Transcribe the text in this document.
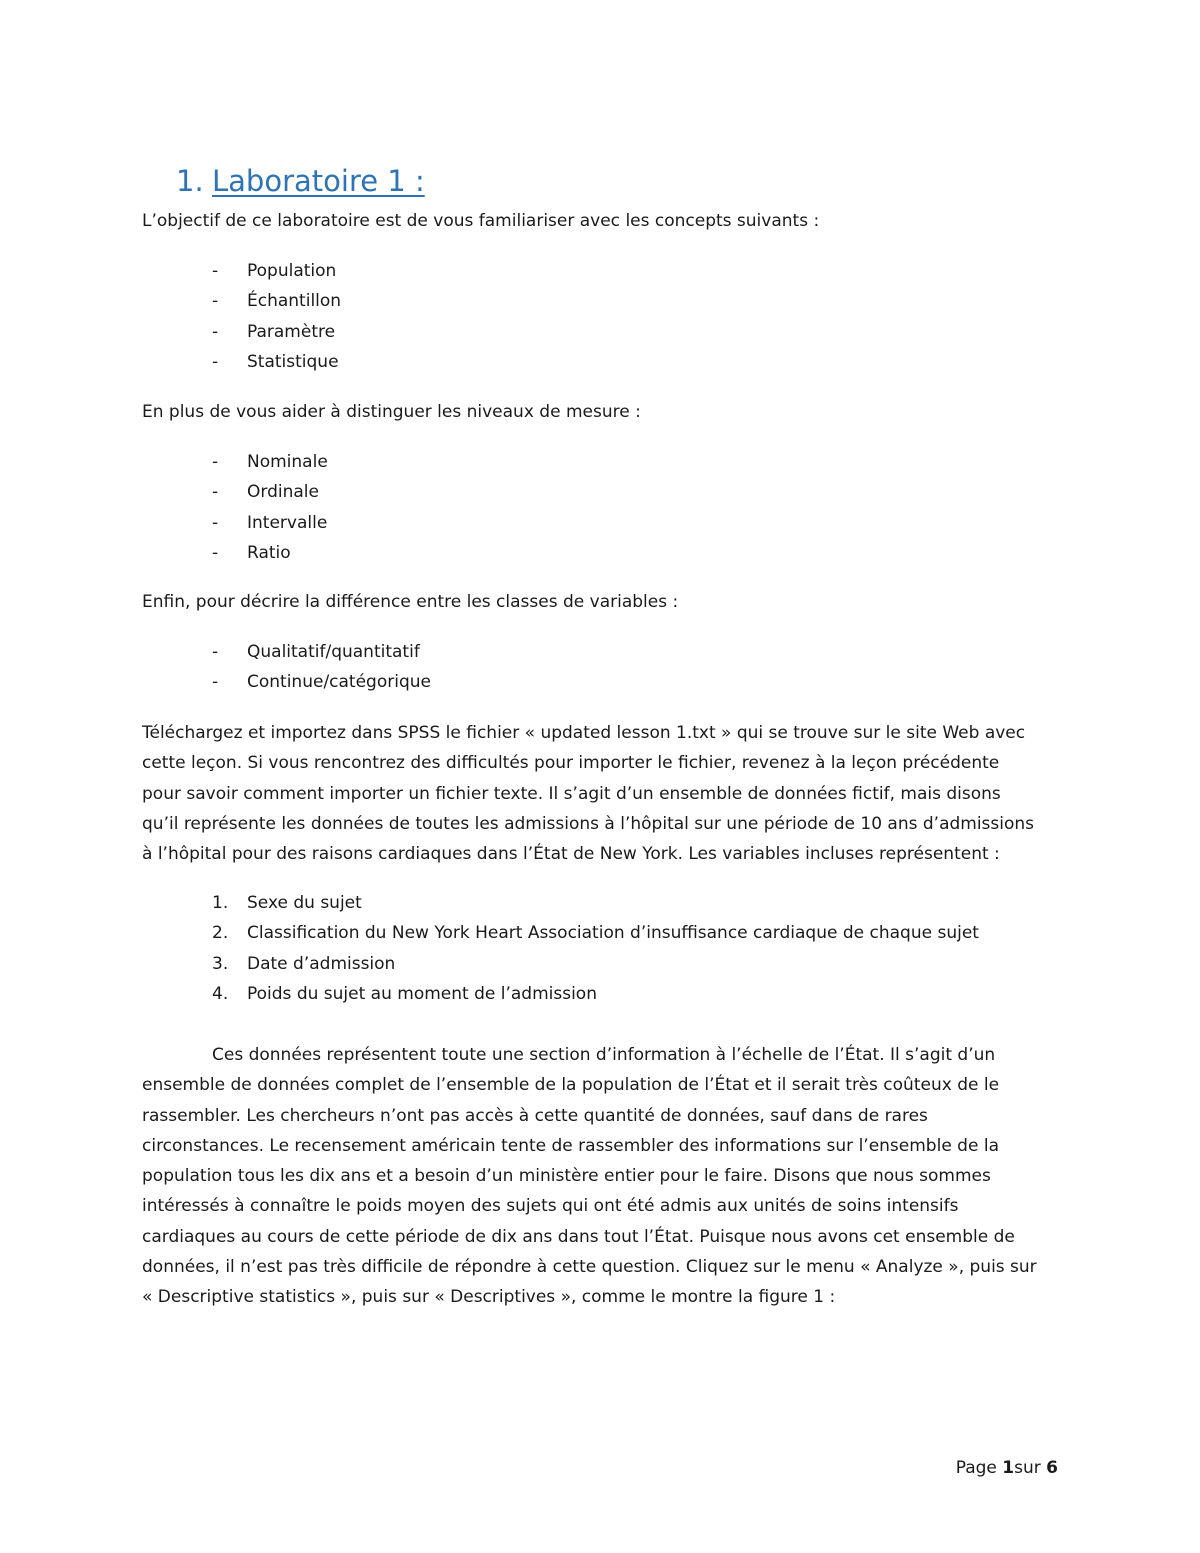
1. Laboratoire 1 :
L’objectif de ce laboratoire est de vous familiariser avec les concepts suivants :
- Population
- Échantillon
- Paramètre
- Statistique
En plus de vous aider à distinguer les niveaux de mesure :
- Nominale
- Ordinale
- Intervalle
- Ratio
Enfin, pour décrire la différence entre les classes de variables :
- Qualitatif/quantitatif
- Continue/catégorique
Téléchargez et importez dans SPSS le fichier « updated lesson 1.txt » qui se trouve sur le site Web avec
cette leçon. Si vous rencontrez des difficultés pour importer le fichier, revenez à la leçon précédente
pour savoir comment importer un fichier texte. Il s’agit d’un ensemble de données fictif, mais disons
qu’il représente les données de toutes les admissions à l’hôpital sur une période de 10 ans d’admissions
à l’hôpital pour des raisons cardiaques dans l’État de New York. Les variables incluses représentent :
1. Sexe du sujet
2. Classification du New York Heart Association d’insuffisance cardiaque de chaque sujet
3. Date d’admission
4. Poids du sujet au moment de l’admission
Ces données représentent toute une section d’information à l’échelle de l’État. Il s’agit d’un
ensemble de données complet de l’ensemble de la population de l’État et il serait très coûteux de le
rassembler. Les chercheurs n’ont pas accès à cette quantité de données, sauf dans de rares
circonstances. Le recensement américain tente de rassembler des informations sur l’ensemble de la
population tous les dix ans et a besoin d’un ministère entier pour le faire. Disons que nous sommes
intéressés à connaître le poids moyen des sujets qui ont été admis aux unités de soins intensifs
cardiaques au cours de cette période de dix ans dans tout l’État. Puisque nous avons cet ensemble de
données, il n’est pas très difficile de répondre à cette question. Cliquez sur le menu « Analyze », puis sur
« Descriptive statistics », puis sur « Descriptives », comme le montre la figure 1 :
Page 1sur 6
